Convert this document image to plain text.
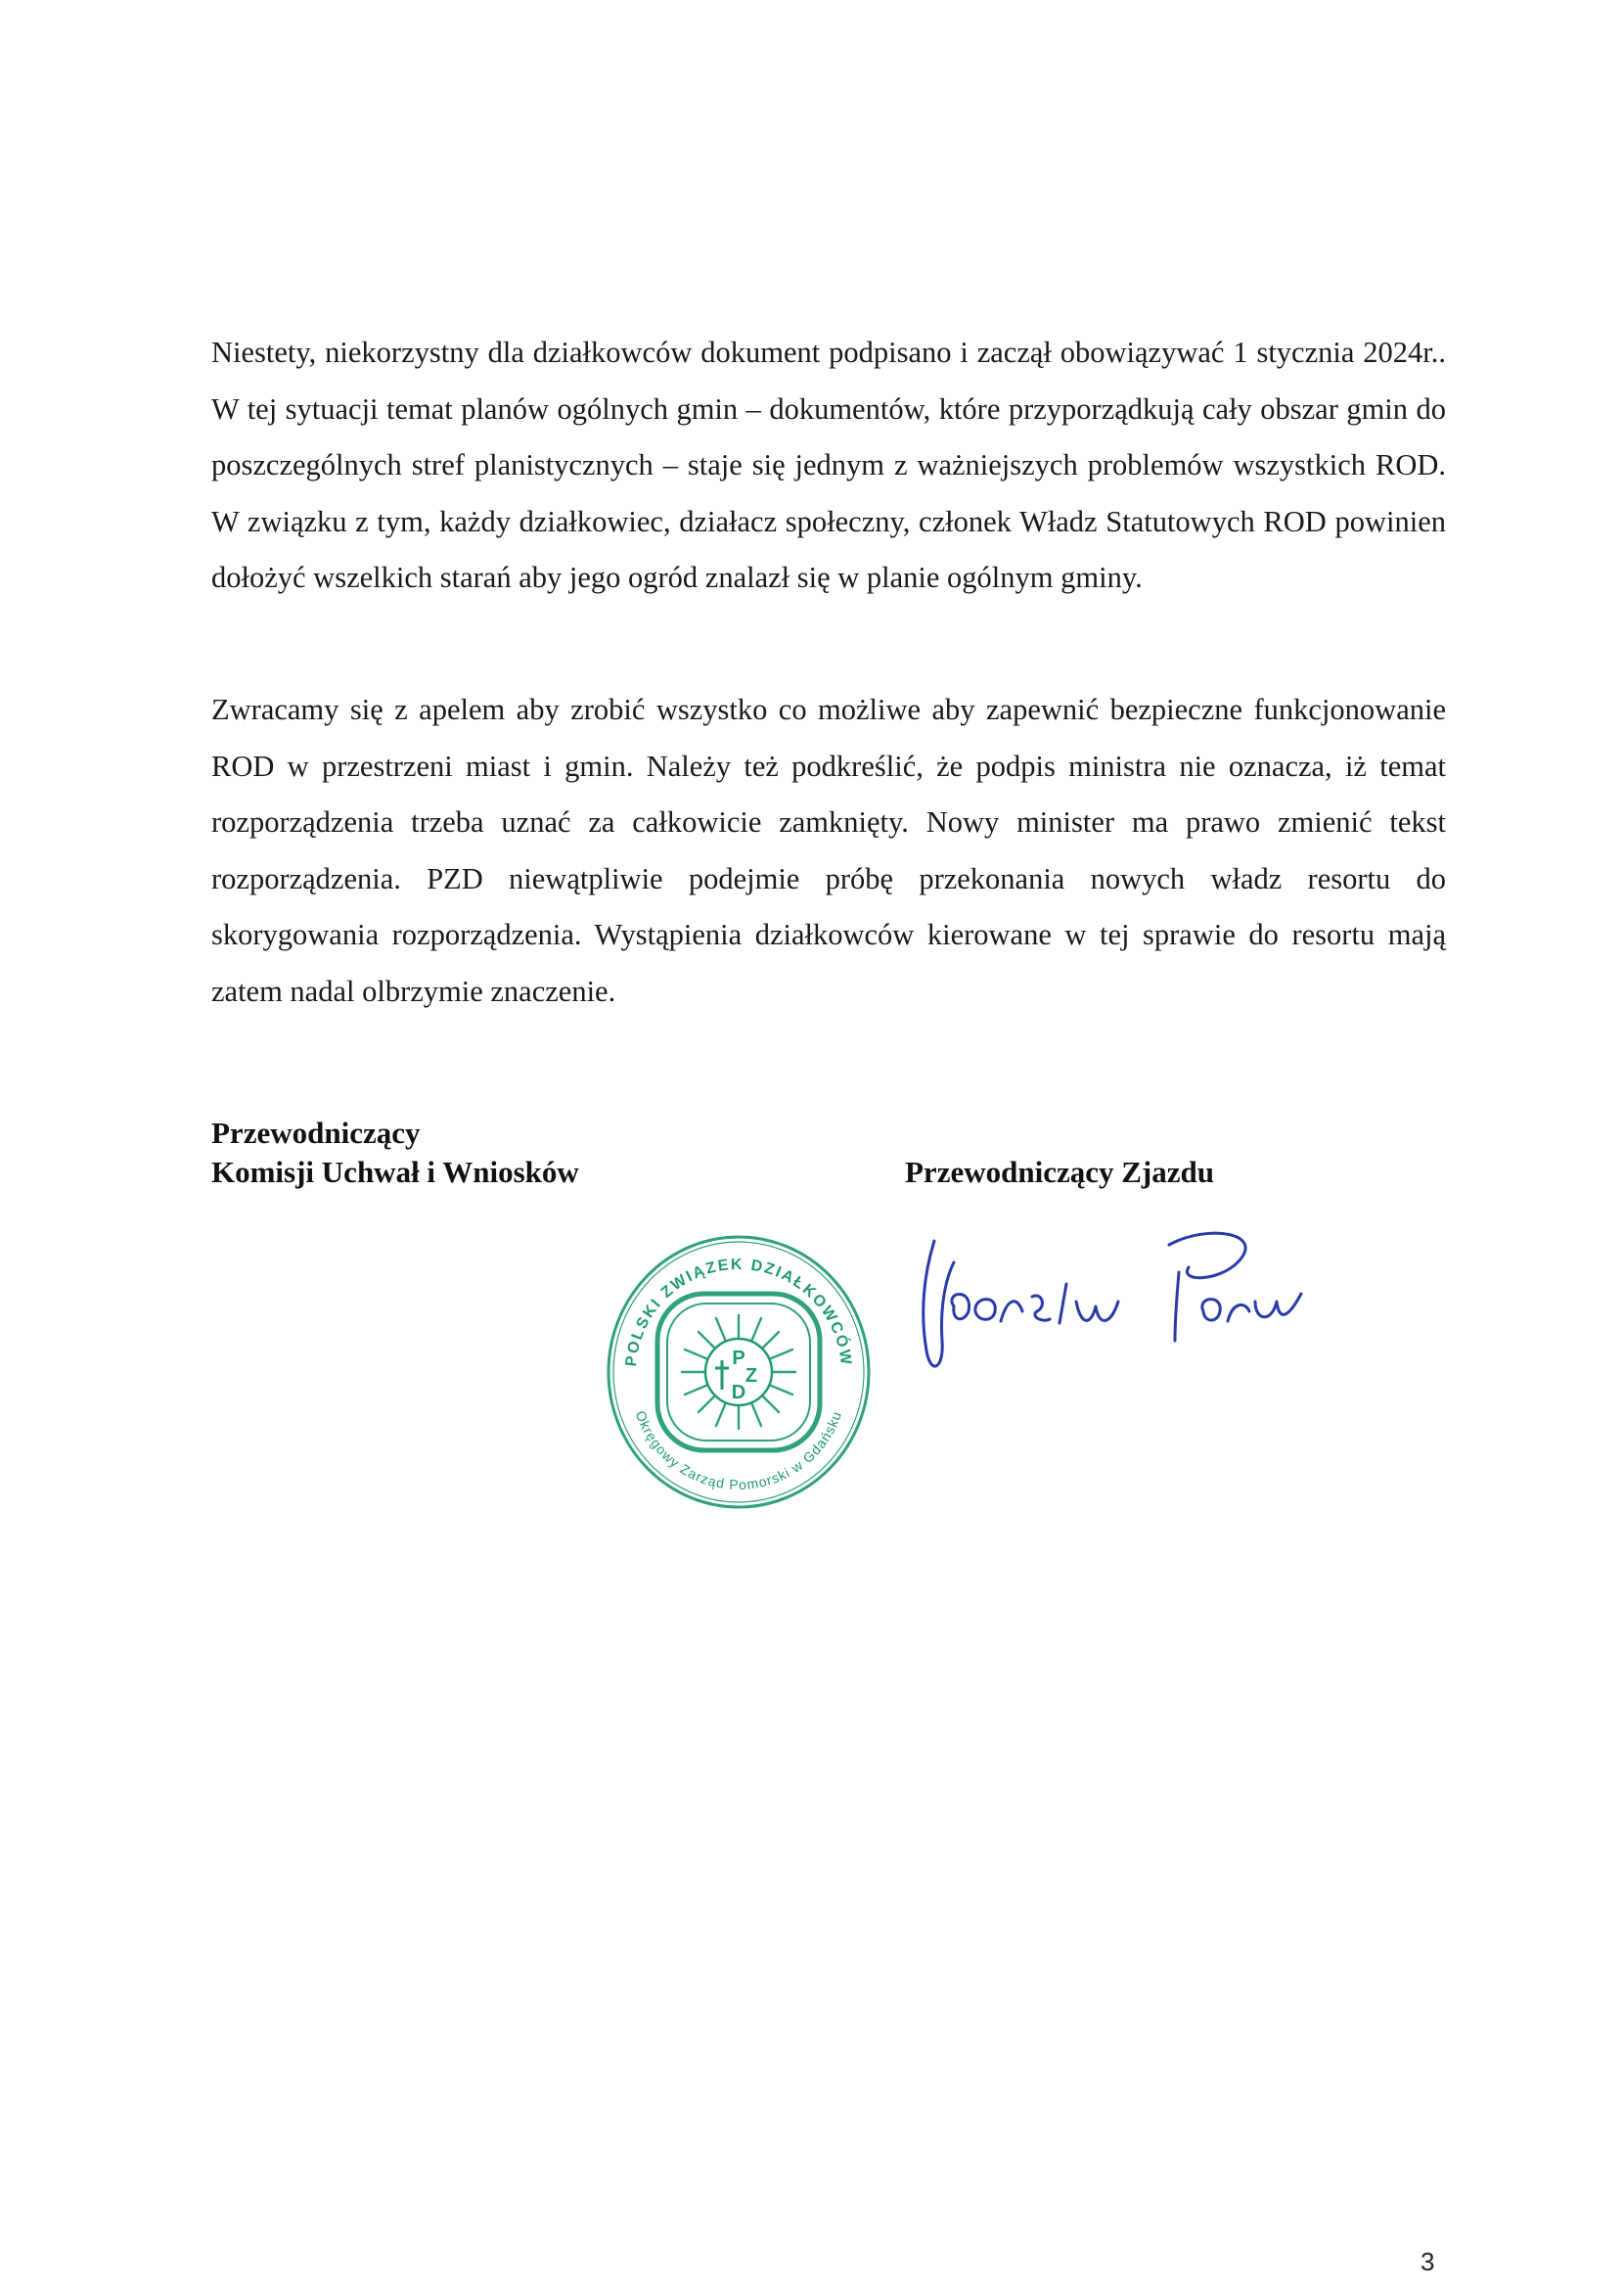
Niestety, niekorzystny dla działkowców dokument podpisano i zaczął obowiązywać 1 stycznia 2024r.. W tej sytuacji temat planów ogólnych gmin – dokumentów, które przyporządkują cały obszar gmin do poszczególnych stref planistycznych – staje się jednym z ważniejszych problemów wszystkich ROD. W związku z tym, każdy działkowiec, działacz społeczny, członek Władz Statutowych ROD powinien dołożyć wszelkich starań aby jego ogród znalazł się w planie ogólnym gminy.

Zwracamy się z apelem aby zrobić wszystko co możliwe aby zapewnić bezpieczne funkcjonowanie ROD w przestrzeni miast i gmin. Należy też podkreślić, że podpis ministra nie oznacza, iż temat rozporządzenia trzeba uznać za całkowicie zamknięty. Nowy minister ma prawo zmienić tekst rozporządzenia. PZD niewątpliwie podejmie próbę przekonania nowych władz resortu do skorygowania rozporządzenia. Wystąpienia działkowców kierowane w tej sprawie do resortu mają zatem nadal olbrzymie znaczenie.

Przewodniczący

Komisji Uchwał i Wniosków	Przewodniczący Zjazdu

P
Z
D
POLSKI ZWIĄZEK DZIAŁKOWCÓW
Okręgowy Zarząd Pomorski w Gdańsku

3
